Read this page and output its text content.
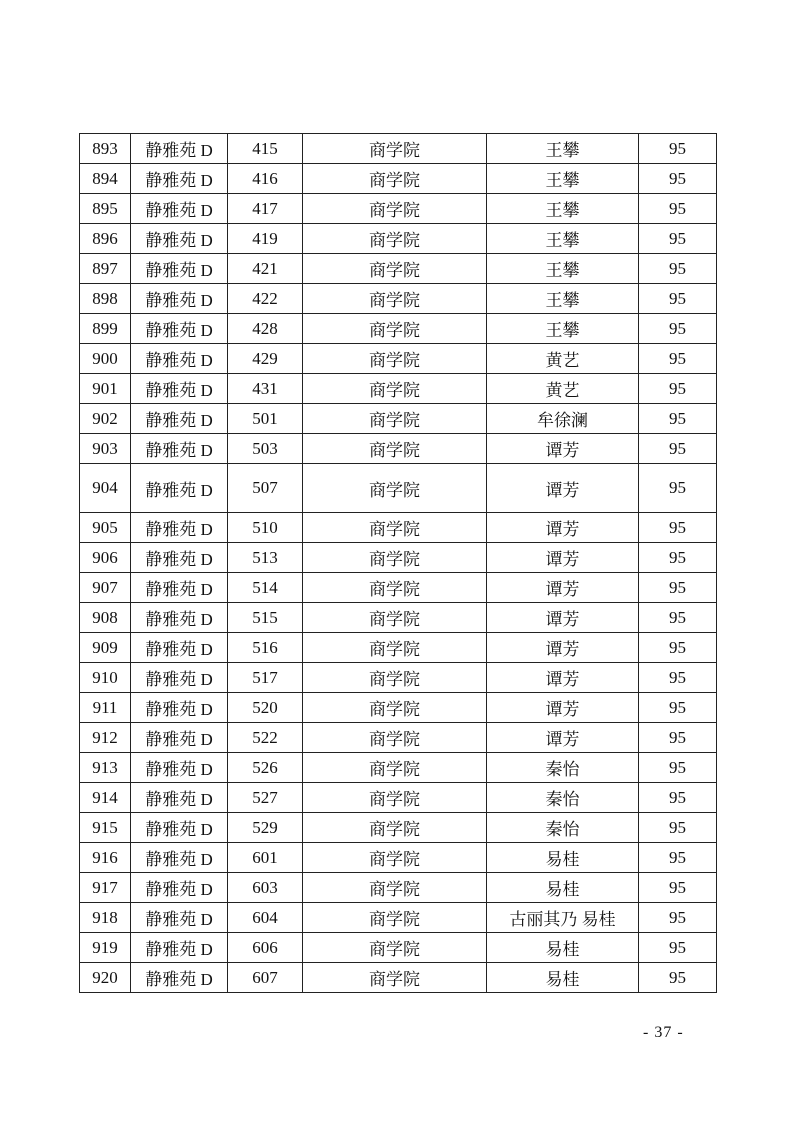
893	静雅苑 D	415	商学院	王攀	95
894	静雅苑 D	416	商学院	王攀	95
895	静雅苑 D	417	商学院	王攀	95
896	静雅苑 D	419	商学院	王攀	95
897	静雅苑 D	421	商学院	王攀	95
898	静雅苑 D	422	商学院	王攀	95
899	静雅苑 D	428	商学院	王攀	95
900	静雅苑 D	429	商学院	黄艺	95
901	静雅苑 D	431	商学院	黄艺	95
902	静雅苑 D	501	商学院	牟徐澜	95
903	静雅苑 D	503	商学院	谭芳	95
904	静雅苑 D	507	商学院	谭芳	95
905	静雅苑 D	510	商学院	谭芳	95
906	静雅苑 D	513	商学院	谭芳	95
907	静雅苑 D	514	商学院	谭芳	95
908	静雅苑 D	515	商学院	谭芳	95
909	静雅苑 D	516	商学院	谭芳	95
910	静雅苑 D	517	商学院	谭芳	95
911	静雅苑 D	520	商学院	谭芳	95
912	静雅苑 D	522	商学院	谭芳	95
913	静雅苑 D	526	商学院	秦怡	95
914	静雅苑 D	527	商学院	秦怡	95
915	静雅苑 D	529	商学院	秦怡	95
916	静雅苑 D	601	商学院	易桂	95
917	静雅苑 D	603	商学院	易桂	95
918	静雅苑 D	604	商学院	古丽其乃 易桂	95
919	静雅苑 D	606	商学院	易桂	95
920	静雅苑 D	607	商学院	易桂	95
- 37 -
